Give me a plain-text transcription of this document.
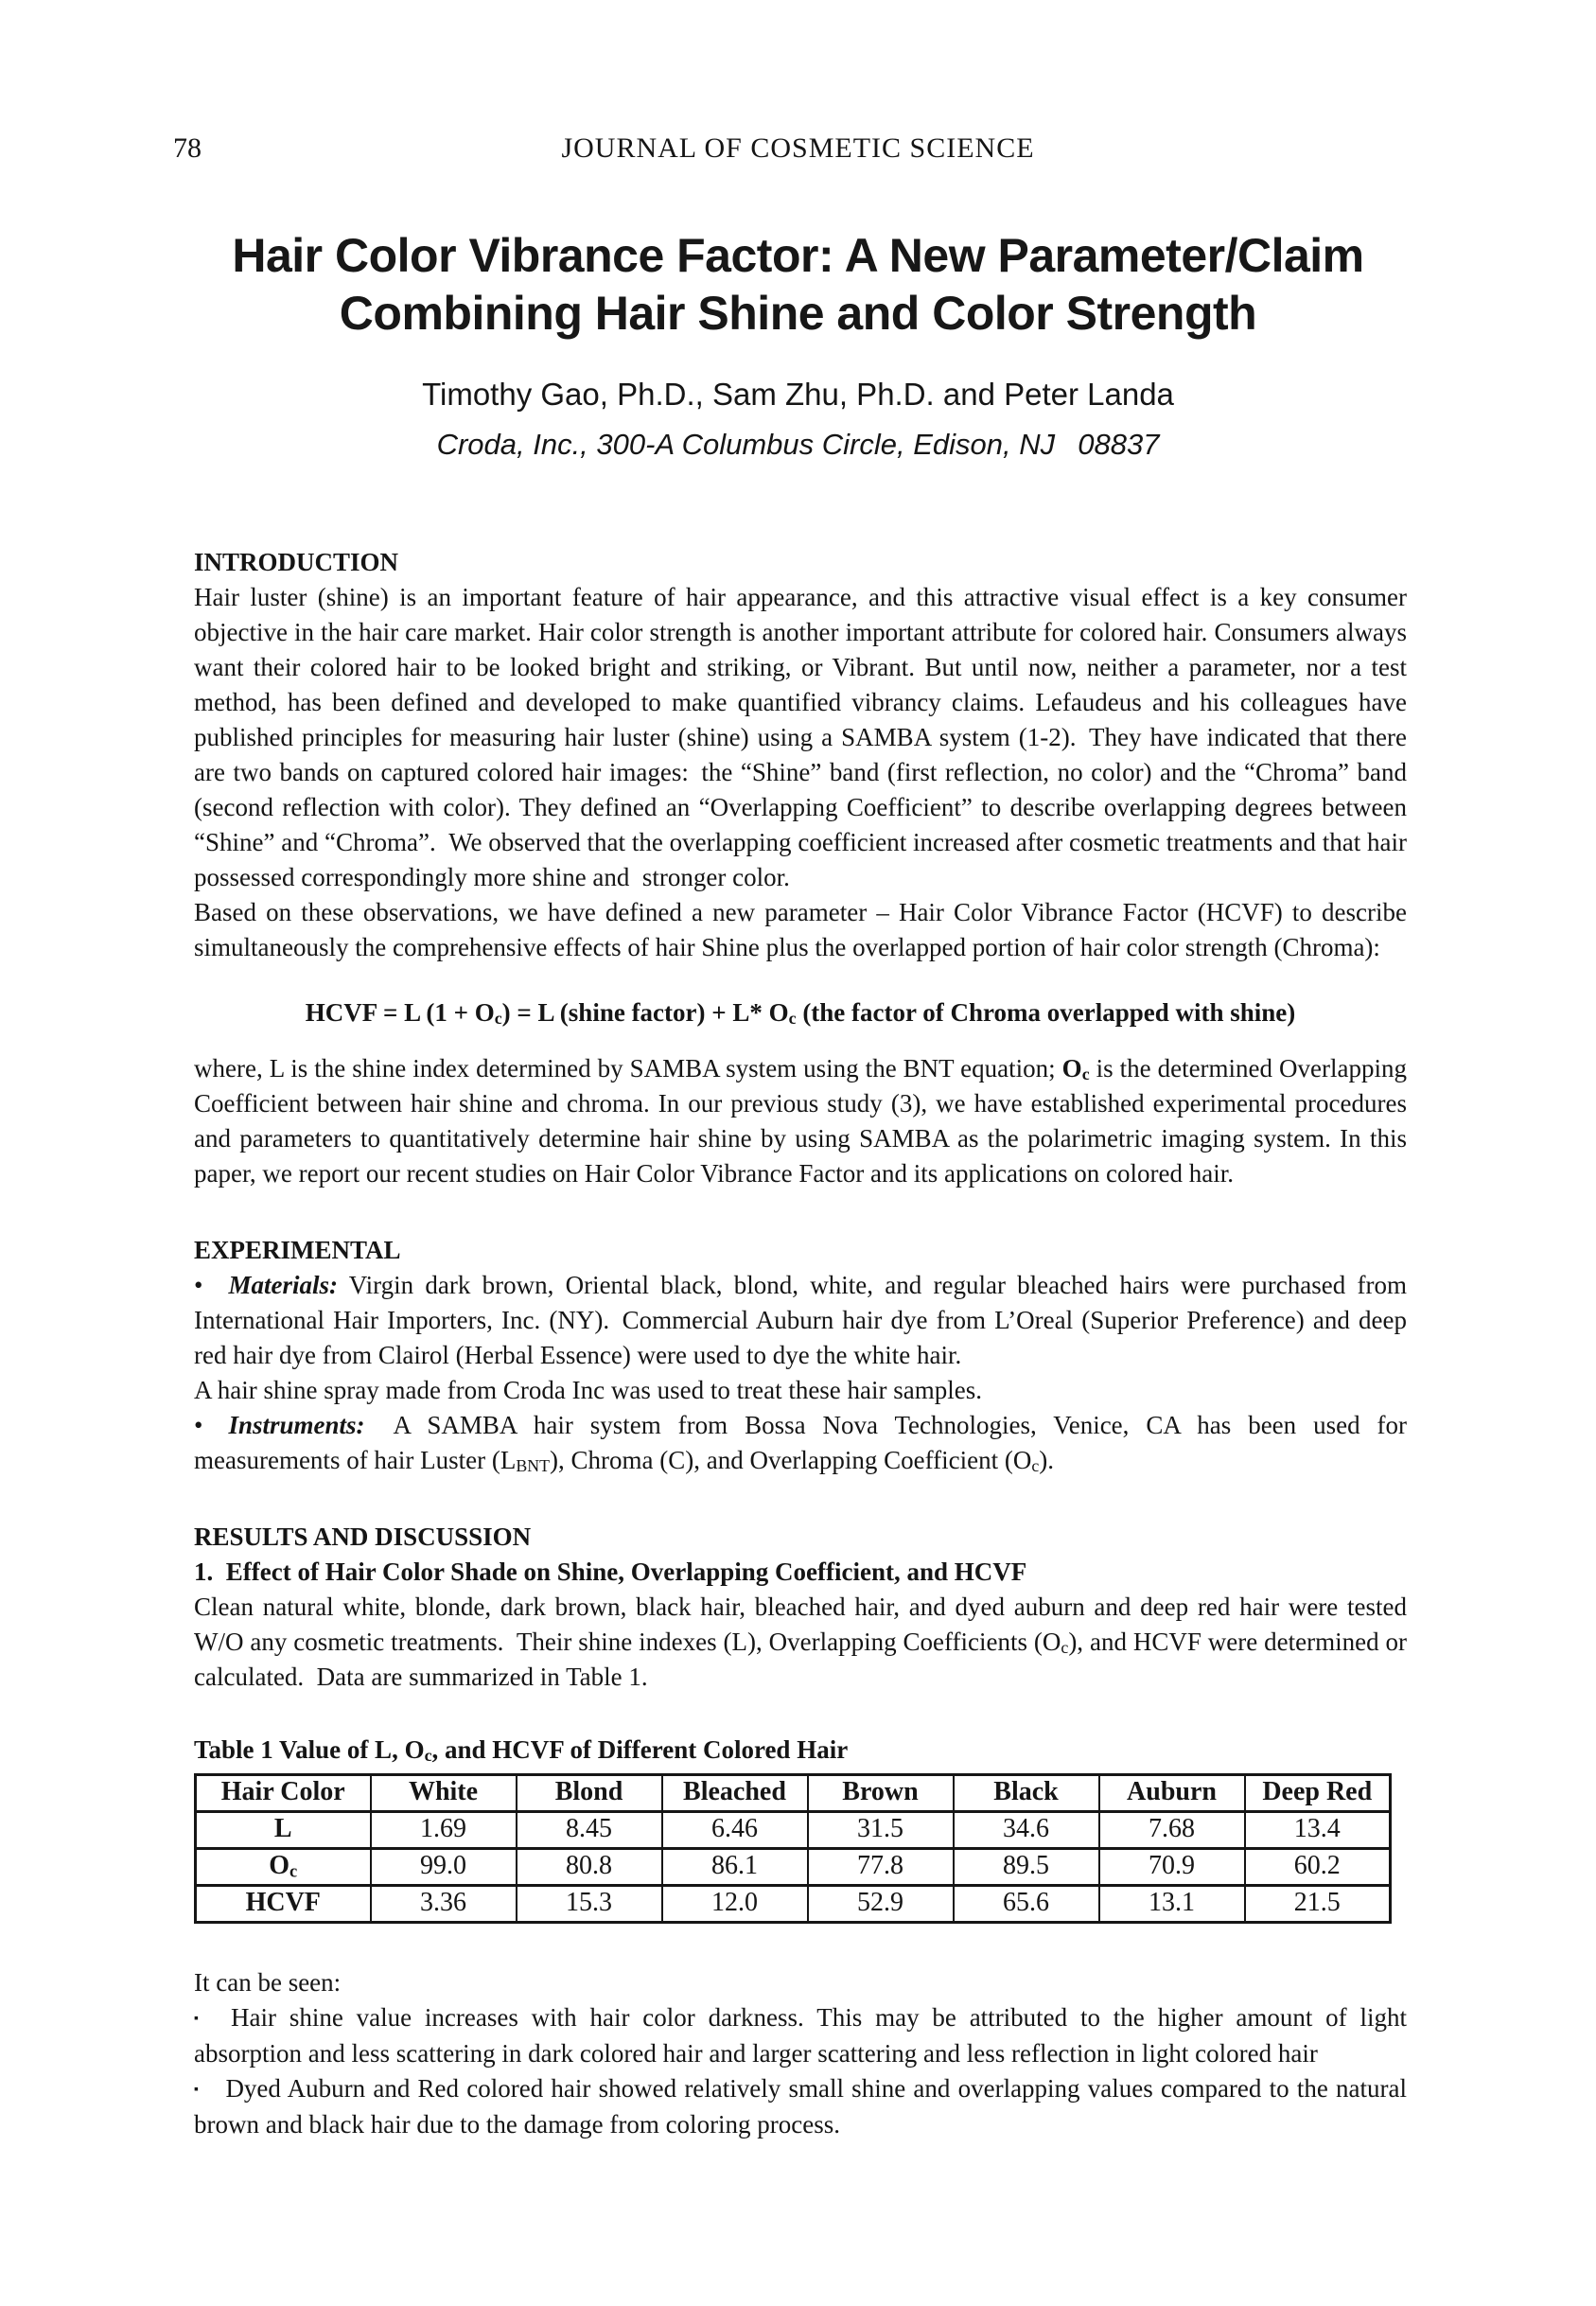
78	JOURNAL OF COSMETIC SCIENCE
Hair Color Vibrance Factor: A New Parameter/Claim
Combining Hair Shine and Color Strength

Timothy Gao, Ph.D., Sam Zhu, Ph.D. and Peter Landa

Croda, Inc., 300-A Columbus Circle, Edison, NJ  08837

INTRODUCTION

Hair luster (shine) is an important feature of hair appearance, and this attractive visual effect is a key consumer objective in the hair care market. Hair color strength is another important attribute for colored hair. Consumers always want their colored hair to be looked bright and striking, or Vibrant. But until now, neither a parameter, nor a test method, has been defined and developed to make quantified vibrancy claims. Lefaudeus and his colleagues have published principles for measuring hair luster (shine) using a SAMBA system (1-2). They have indicated that there are two bands on captured colored hair images: the “Shine” band (first reflection, no color) and the “Chroma” band (second reflection with color). They defined an “Overlapping Coefficient” to describe overlapping degrees between “Shine” and “Chroma”. We observed that the overlapping coefficient increased after cosmetic treatments and that hair possessed correspondingly more shine and stronger color.

Based on these observations, we have defined a new parameter – Hair Color Vibrance Factor (HCVF) to describe simultaneously the comprehensive effects of hair Shine plus the overlapped portion of hair color strength (Chroma):

HCVF = L (1 + Oc) = L (shine factor) + L* Oc (the factor of Chroma overlapped with shine)

where, L is the shine index determined by SAMBA system using the BNT equation; Oc is the determined Overlapping Coefficient between hair shine and chroma. In our previous study (3), we have established experimental procedures and parameters to quantitatively determine hair shine by using SAMBA as the polarimetric imaging system. In this paper, we report our recent studies on Hair Color Vibrance Factor and its applications on colored hair.

EXPERIMENTAL

•   Materials: Virgin dark brown, Oriental black, blond, white, and regular bleached hairs were purchased from International Hair Importers, Inc. (NY). Commercial Auburn hair dye from L’Oreal (Superior Preference) and deep red hair dye from Clairol (Herbal Essence) were used to dye the white hair.

A hair shine spray made from Croda Inc was used to treat these hair samples.

•   Instruments:  A SAMBA hair system from Bossa Nova Technologies, Venice, CA has been used for measurements of hair Luster (LBNT), Chroma (C), and Overlapping Coefficient (Oc).

RESULTS AND DISCUSSION

1. Effect of Hair Color Shade on Shine, Overlapping Coefficient, and HCVF

Clean natural white, blonde, dark brown, black hair, bleached hair, and dyed auburn and deep red hair were tested W/O any cosmetic treatments. Their shine indexes (L), Overlapping Coefficients (Oc), and HCVF were determined or calculated. Data are summarized in Table 1.

Table 1 Value of L, Oc, and HCVF of Different Colored Hair

Hair Color	White	Blond	Bleached	Brown	Black	Auburn	Deep Red
L	1.69	8.45	6.46	31.5	34.6	7.68	13.4
Oc	99.0	80.8	86.1	77.8	89.5	70.9	60.2
HCVF	3.36	15.3	12.0	52.9	65.6	13.1	21.5

It can be seen:

▪   Hair shine value increases with hair color darkness. This may be attributed to the higher amount of light absorption and less scattering in dark colored hair and larger scattering and less reflection in light colored hair

▪   Dyed Auburn and Red colored hair showed relatively small shine and overlapping values compared to the natural brown and black hair due to the damage from coloring process.
